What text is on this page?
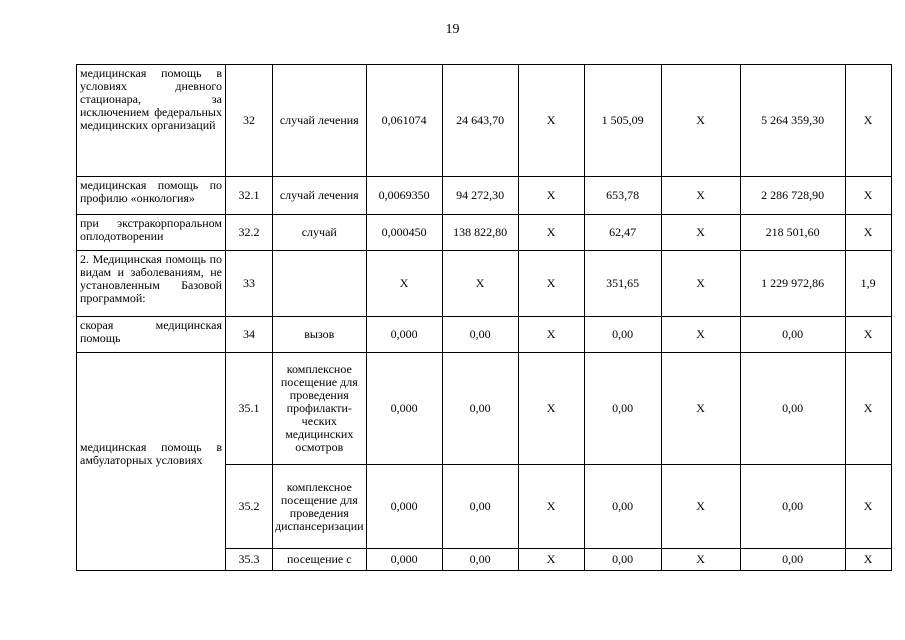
19
медицинская помощь в условиях дневного стационара, за исключением федеральных медицинских организаций	32	случай лечения	0,061074	24 643,70	X	1 505,09	X	5 264 359,30	X
медицинская помощь по профилю «онкология»	32.1	случай лечения	0,0069350	94 272,30	X	653,78	X	2 286 728,90	X
при экстракорпоральном оплодотворении	32.2	случай	0,000450	138 822,80	X	62,47	X	218 501,60	X
2. Медицинская помощь по видам и заболеваниям, не установленным Базовой программой:	33		X	X	X	351,65	X	1 229 972,86	1,9
скорая медицинская помощь	34	вызов	0,000	0,00	X	0,00	X	0,00	X
медицинская помощь в амбулаторных условиях	35.1	комплексное посещение для проведения профилакти-ческих медицинских осмотров	0,000	0,00	X	0,00	X	0,00	X
	35.2	комплексное посещение для проведения диспансеризации	0,000	0,00	X	0,00	X	0,00	X
	35.3	посещение с	0,000	0,00	X	0,00	X	0,00	X
